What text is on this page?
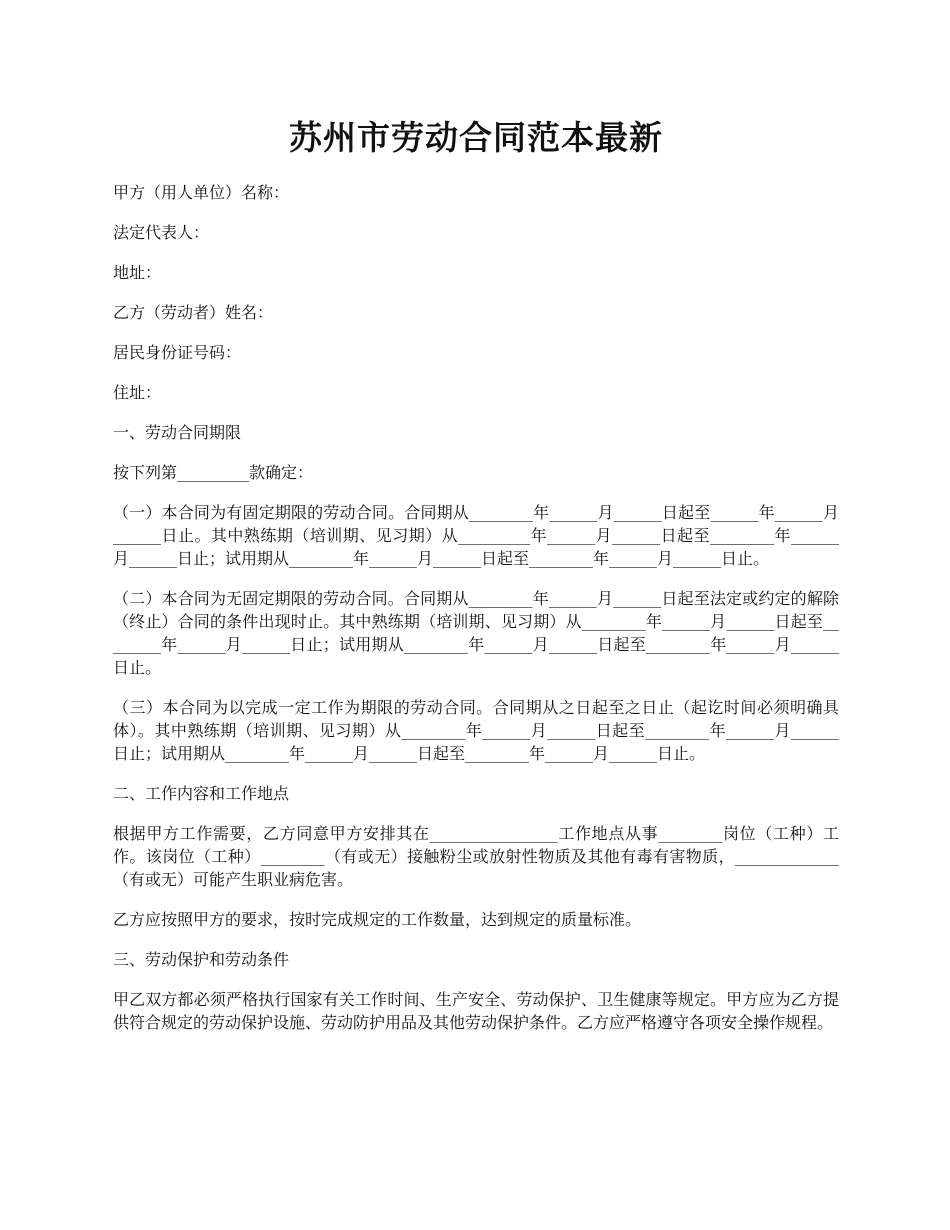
苏州市劳动合同范本最新

甲方（用人单位）名称：

法定代表人：

地址：

乙方（劳动者）姓名：

居民身份证号码：

住址：

一、劳动合同期限

按下列第_________款确定：

（一）本合同为有固定期限的劳动合同。合同期从________年______月______日起至______年______月______日止。其中熟练期（培训期、见习期）从_________年______月______日起至________年______月______日止；试用期从________年______月______日起至________年______月______日止。

（二）本合同为无固定期限的劳动合同。合同期从________年______月______日起至法定或约定的解除（终止）合同的条件出现时止。其中熟练期（培训期、见习期）从________年______月______日起至________年______月______日止；试用期从________年______月______日起至________年______月______日止。

（三）本合同为以完成一定工作为期限的劳动合同。合同期从之日起至之日止（起讫时间必须明确具体）。其中熟练期（培训期、见习期）从________年______月______日起至________年______月______日止；试用期从________年______月______日起至________年______月______日止。

二、工作内容和工作地点

根据甲方工作需要，乙方同意甲方安排其在________________工作地点从事________岗位（工种）工作。该岗位（工种）________（有或无）接触粉尘或放射性物质及其他有毒有害物质，_____________（有或无）可能产生职业病危害。

乙方应按照甲方的要求，按时完成规定的工作数量，达到规定的质量标准。

三、劳动保护和劳动条件

甲乙双方都必须严格执行国家有关工作时间、生产安全、劳动保护、卫生健康等规定。甲方应为乙方提供符合规定的劳动保护设施、劳动防护用品及其他劳动保护条件。乙方应严格遵守各项安全操作规程。
